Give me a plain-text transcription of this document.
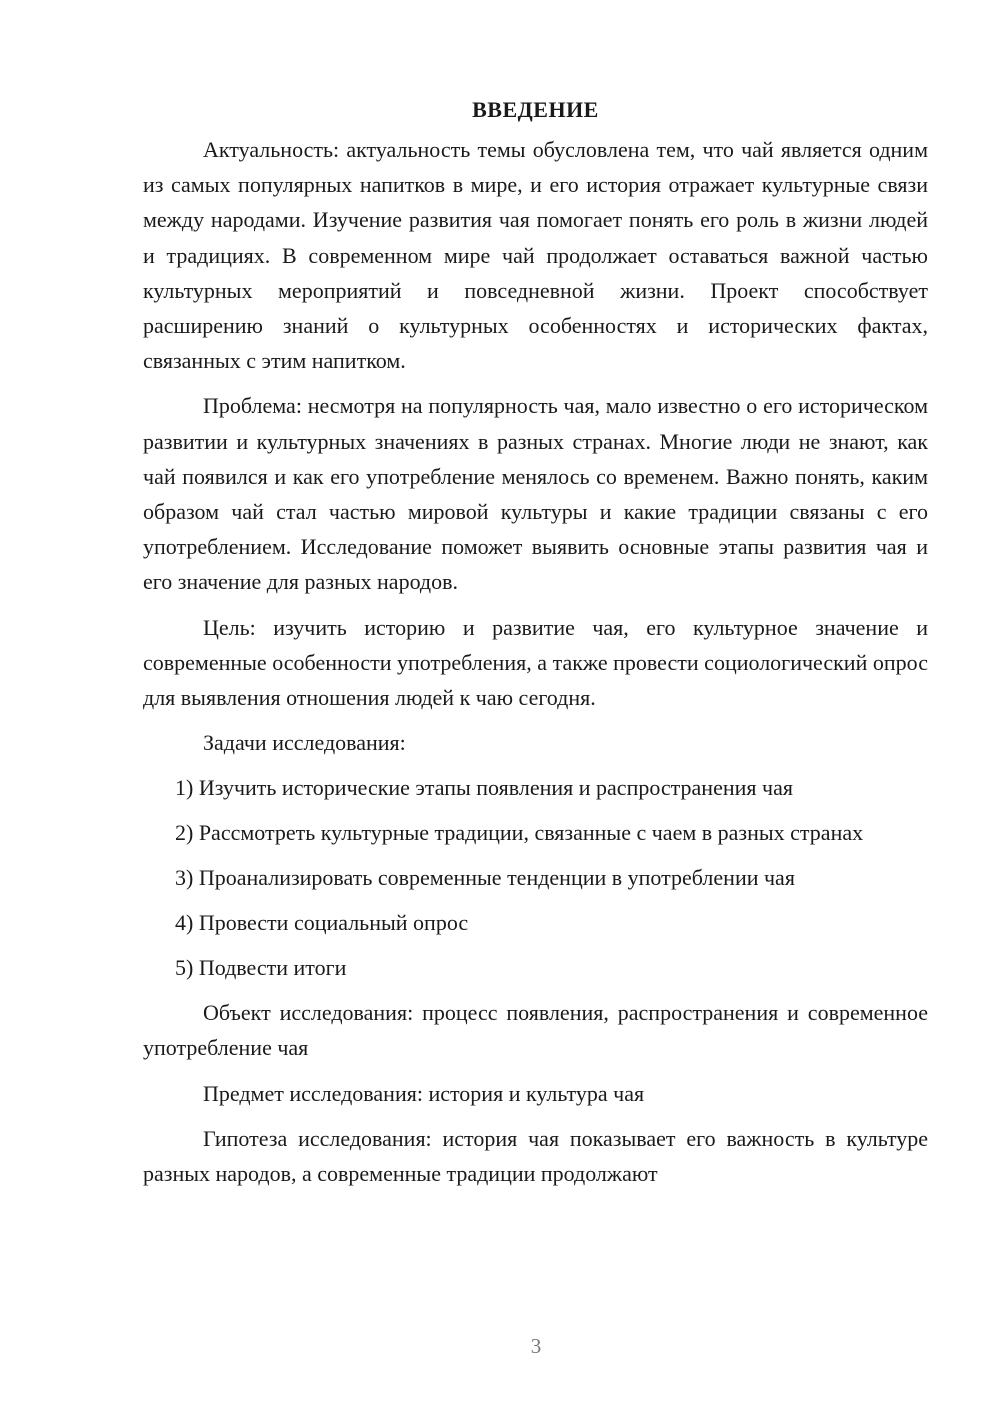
ВВЕДЕНИЕ

Актуальность: актуальность темы обусловлена тем, что чай является одним из самых популярных напитков в мире, и его история отражает культурные связи между народами. Изучение развития чая помогает понять его роль в жизни людей и традициях. В современном мире чай продолжает оставаться важной частью культурных мероприятий и повседневной жизни. Проект способствует расширению знаний о культурных особенностях и исторических фактах, связанных с этим напитком.

Проблема: несмотря на популярность чая, мало известно о его историческом развитии и культурных значениях в разных странах. Многие люди не знают, как чай появился и как его употребление менялось со временем. Важно понять, каким образом чай стал частью мировой культуры и какие традиции связаны с его употреблением. Исследование поможет выявить основные этапы развития чая и его значение для разных народов.

Цель: изучить историю и развитие чая, его культурное значение и современные особенности употребления, а также провести социологический опрос для выявления отношения людей к чаю сегодня.

Задачи исследования:

1) Изучить исторические этапы появления и распространения чая

2) Рассмотреть культурные традиции, связанные с чаем в разных странах

3) Проанализировать современные тенденции в употреблении чая

4) Провести социальный опрос

5) Подвести итоги

Объект исследования: процесс появления, распространения и современное употребление чая

Предмет исследования: история и культура чая

Гипотеза исследования: история чая показывает его важность в культуре разных народов, а современные традиции продолжают

3
